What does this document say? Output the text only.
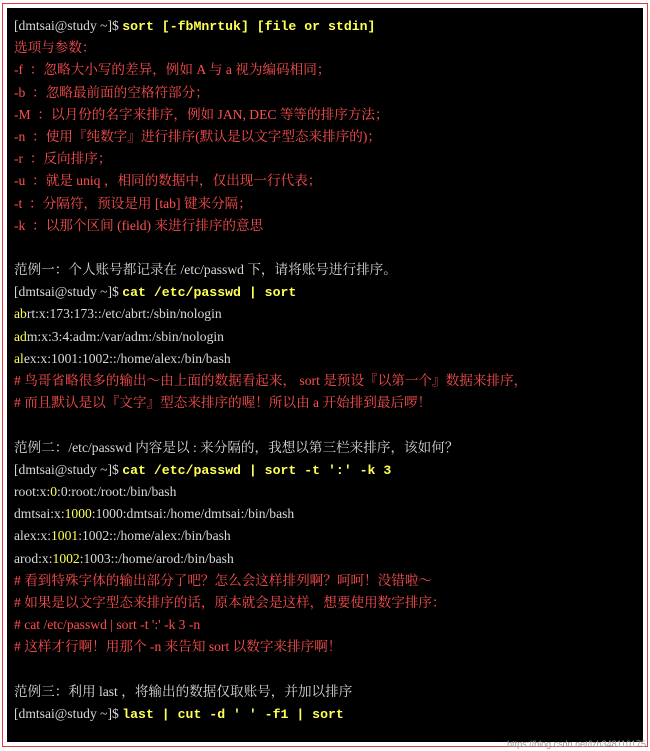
[dmtsai@study ~]$ sort [-fbMnrtuk] [file or stdin]
选项与参数：
-f  ：忽略大小写的差异，例如 A 与 a 视为编码相同；
-b  ：忽略最前面的空格符部分；
-M  ：以月份的名字来排序，例如 JAN, DEC 等等的排序方法；
-n  ：使用『纯数字』进行排序(默认是以文字型态来排序的)；
-r  ：反向排序；
-u  ：就是 uniq ，相同的数据中，仅出现一行代表；
-t  ：分隔符，预设是用 [tab] 键来分隔；
-k  ：以那个区间 (field) 来进行排序的意思
范例一：个人账号都记录在 /etc/passwd 下，请将账号进行排序。
[dmtsai@study ~]$ cat /etc/passwd | sort
abrt:x:173:173::/etc/abrt:/sbin/nologin
adm:x:3:4:adm:/var/adm:/sbin/nologin
alex:x:1001:1002::/home/alex:/bin/bash
# 鸟哥省略很多的输出～由上面的数据看起来， sort 是预设『以第一个』数据来排序，
# 而且默认是以『文字』型态来排序的喔！所以由 a 开始排到最后啰！
范例二：/etc/passwd 内容是以 : 来分隔的，我想以第三栏来排序，该如何？
[dmtsai@study ~]$ cat /etc/passwd | sort -t ':' -k 3
root:x:0:0:root:/root:/bin/bash
dmtsai:x:1000:1000:dmtsai:/home/dmtsai:/bin/bash
alex:x:1001:1002::/home/alex:/bin/bash
arod:x:1002:1003::/home/arod:/bin/bash
# 看到特殊字体的输出部分了吧？怎么会这样排列啊？呵呵！没错啦～
# 如果是以文字型态来排序的话，原本就会是这样，想要使用数字排序：
# cat /etc/passwd | sort -t ':' -k 3 -n
# 这样才行啊！用那个 -n 来告知 sort 以数字来排序啊！
范例三：利用 last ，将输出的数据仅取账号，并加以排序
[dmtsai@study ~]$ last | cut -d ' ' -f1 | sort
https://blog.csdn.net/lzb348110175
